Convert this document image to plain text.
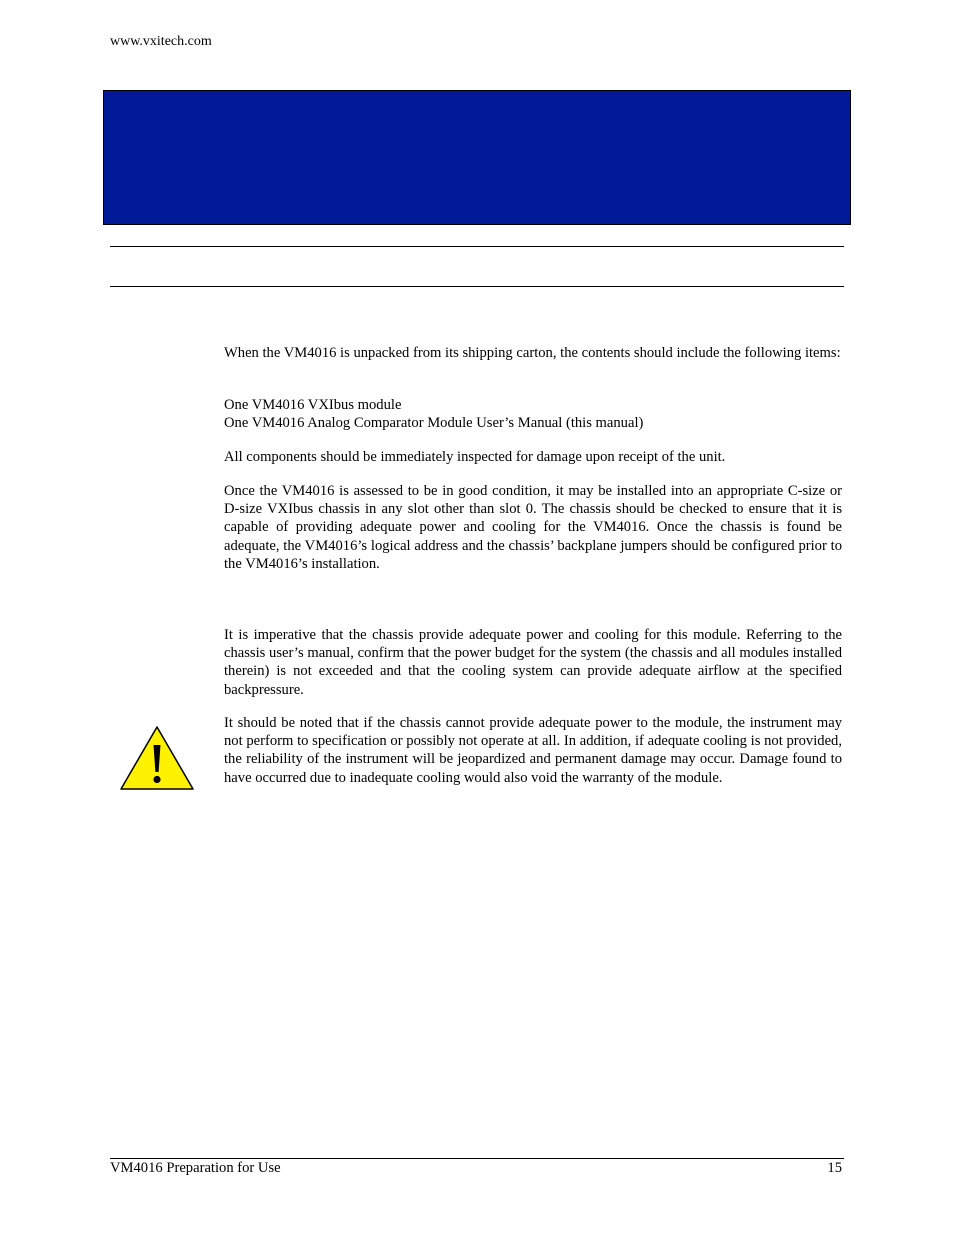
www.vxitech.com

When the VM4016 is unpacked from its shipping carton, the contents should include the following items:

One VM4016 VXIbus module

One VM4016 Analog Comparator Module User’s Manual (this manual)

All components should be immediately inspected for damage upon receipt of the unit.

Once the VM4016 is assessed to be in good condition, it may be installed into an appropriate C-size or D-size VXIbus chassis in any slot other than slot 0. The chassis should be checked to ensure that it is capable of providing adequate power and cooling for the VM4016. Once the chassis is found be adequate, the VM4016’s logical address and the chassis’ backplane jumpers should be configured prior to the VM4016’s installation.

It is imperative that the chassis provide adequate power and cooling for this module. Referring to the chassis user’s manual, confirm that the power budget for the system (the chassis and all modules installed therein) is not exceeded and that the cooling system can provide adequate airflow at the specified backpressure.

It should be noted that if the chassis cannot provide adequate power to the module, the instrument may not perform to specification or possibly not operate at all. In addition, if adequate cooling is not provided, the reliability of the instrument will be jeopardized and permanent damage may occur. Damage found to have occurred due to inadequate cooling would also void the warranty of the module.

VM4016 Preparation for Use	15
